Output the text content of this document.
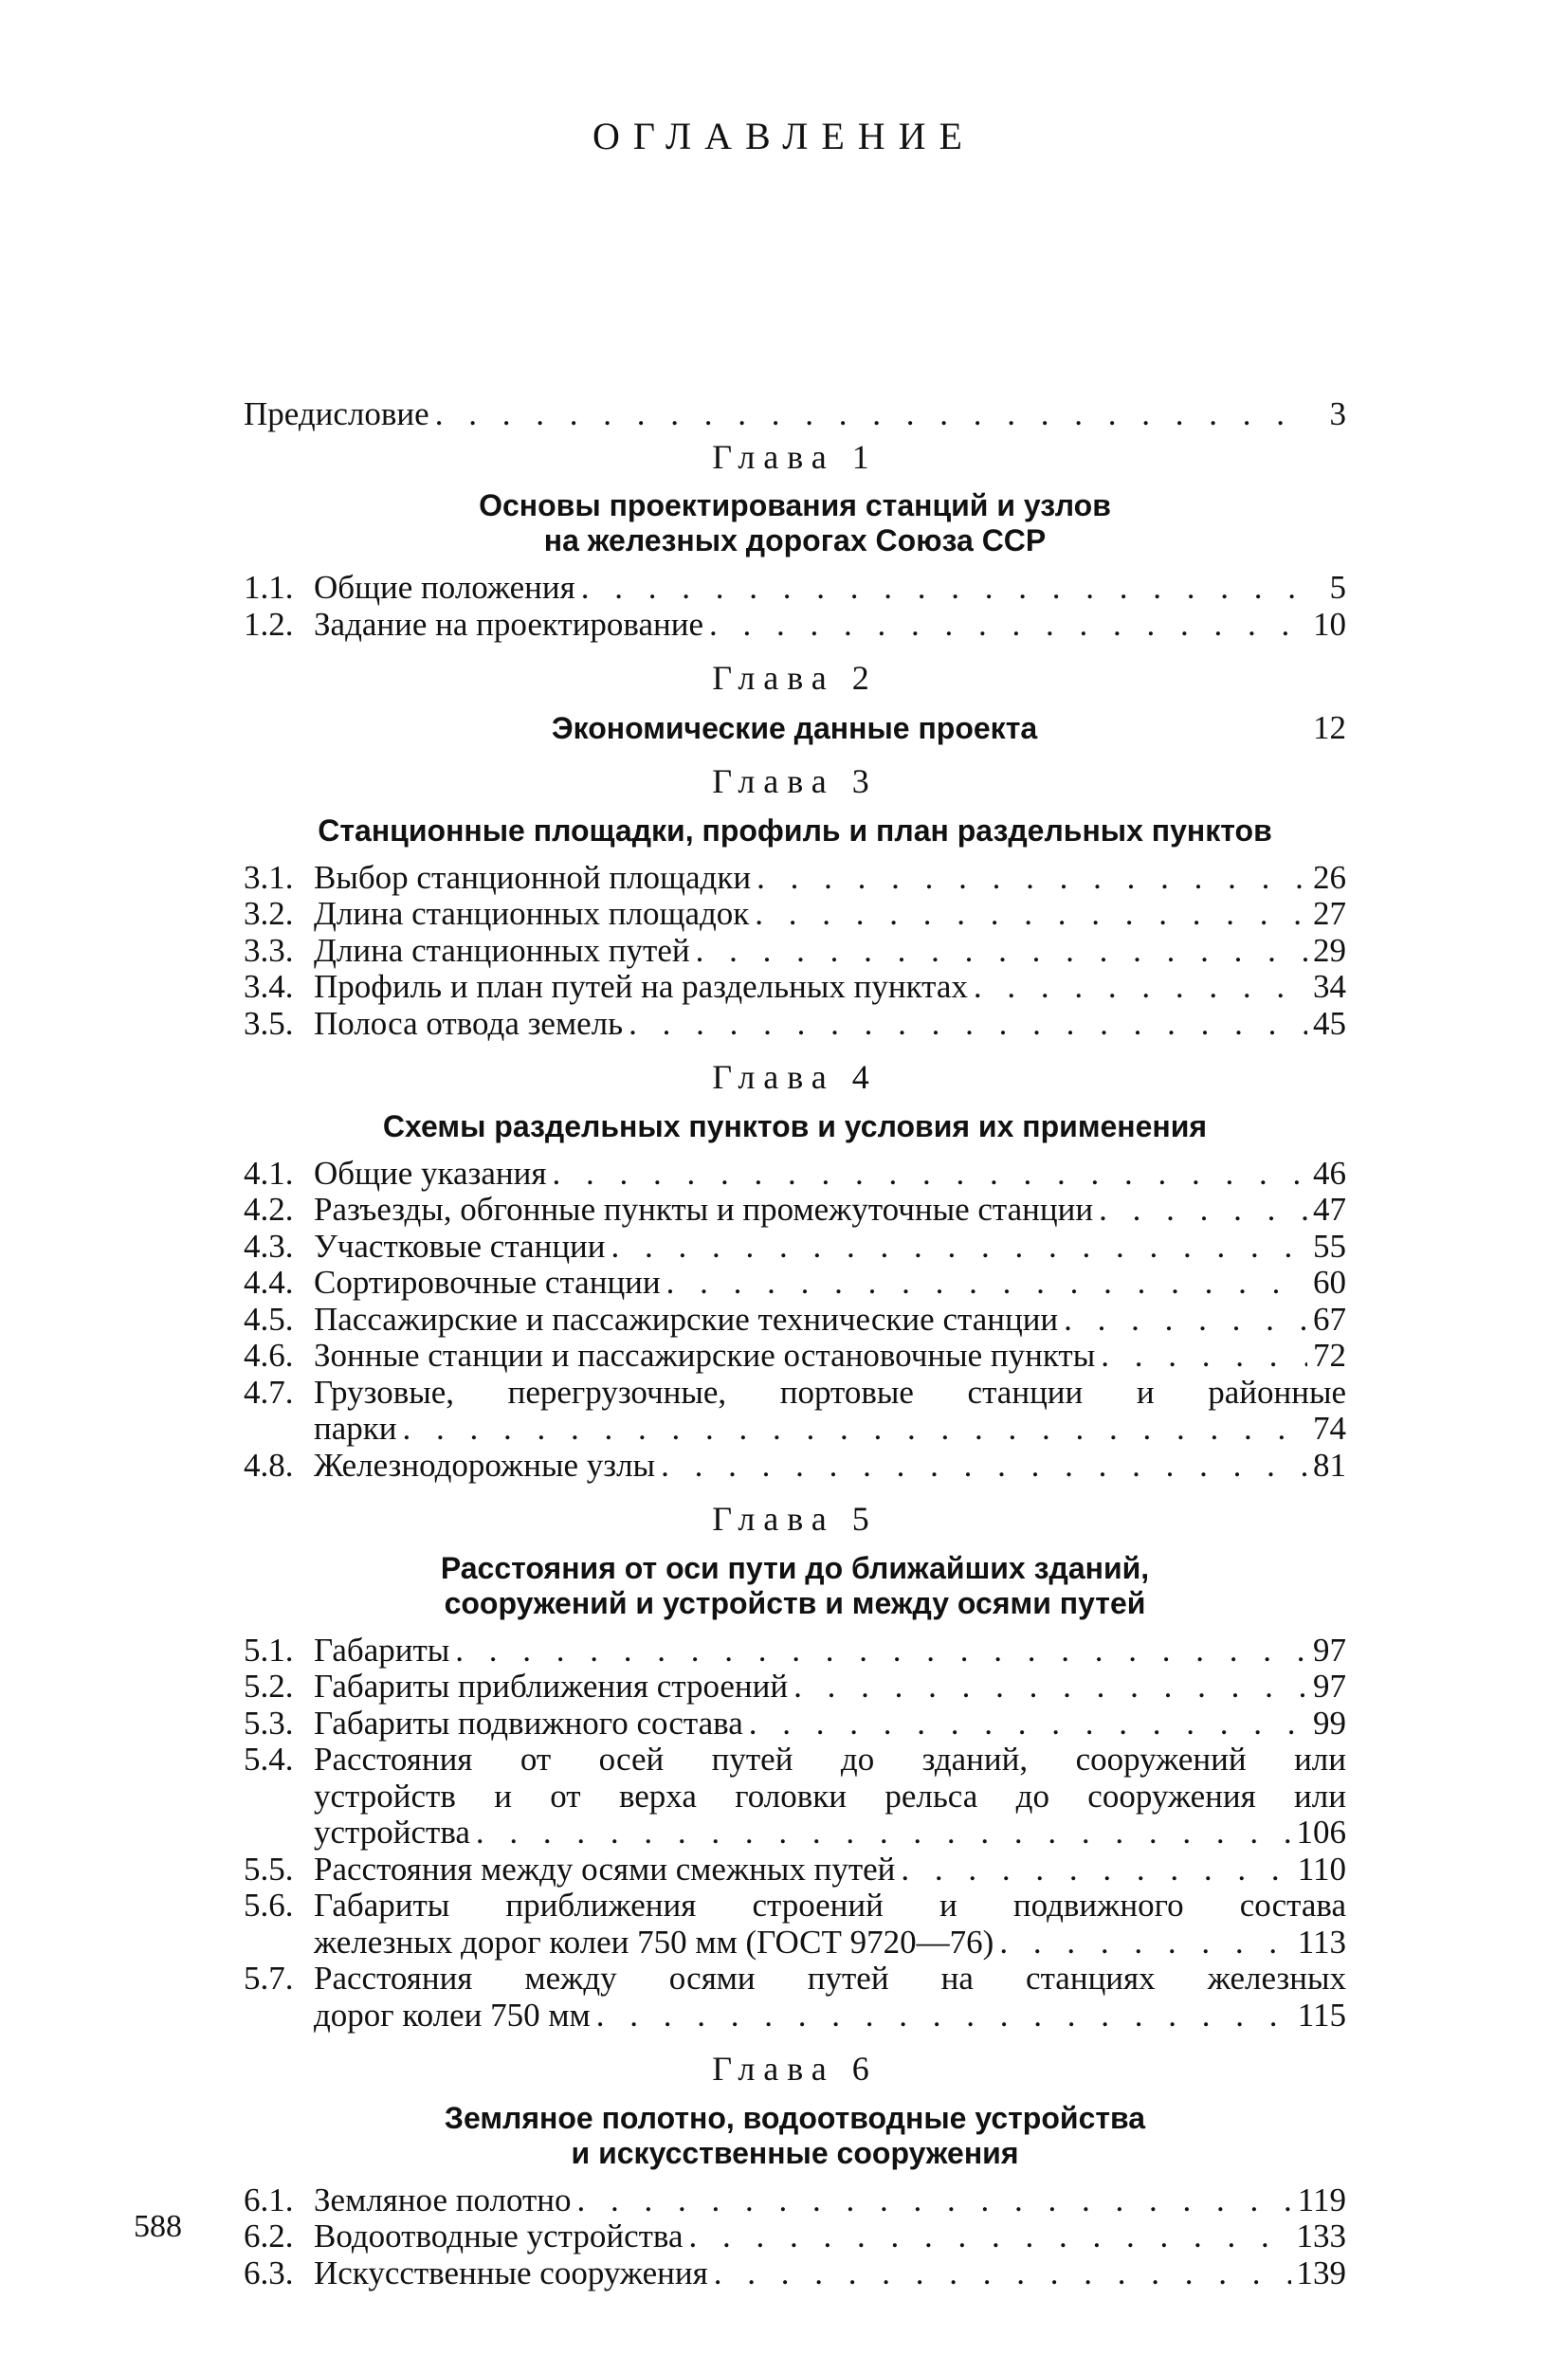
ОГЛАВЛЕНИЕ
Предисловие . . .	3
Глава 1
Основы проектирования станций и узлов
на железных дорогах Союза ССР
1.1. Общие положения . . .	5
1.2. Задание на проектирование . . .	10
Глава 2
Экономические данные проекта	12
Глава 3
Станционные площадки, профиль и план раздельных пунктов
3.1. Выбор станционной площадки . . .	26
3.2. Длина станционных площадок . . .	27
3.3. Длина станционных путей . . .	29
3.4. Профиль и план путей на раздельных пунктах . . .	34
3.5. Полоса отвода земель . . .	45
Глава 4
Схемы раздельных пунктов и условия их применения
4.1. Общие указания . . .	46
4.2. Разъезды, обгонные пункты и промежуточные станции . . .	47
4.3. Участковые станции . . .	55
4.4. Сортировочные станции . . .	60
4.5. Пассажирские и пассажирские технические станции . . .	67
4.6. Зонные станции и пассажирские остановочные пункты . . .	72
4.7. Грузовые, перегрузочные, портовые станции и районные
парки . . .	74
4.8. Железнодорожные узлы . . .	81
Глава 5
Расстояния от оси пути до ближайших зданий,
сооружений и устройств и между осями путей
5.1. Габариты . . .	97
5.2. Габариты приближения строений . . .	97
5.3. Габариты подвижного состава . . .	99
5.4. Расстояния от осей путей до зданий, сооружений или
устройств и от верха головки рельса до сооружения или
устройства . . .	106
5.5. Расстояния между осями смежных путей . . .	110
5.6. Габариты приближения строений и подвижного состава
железных дорог колеи 750 мм (ГОСТ 9720—76) . . .	113
5.7. Расстояния между осями путей на станциях железных
дорог колеи 750 мм . . .	115
Глава 6
Земляное полотно, водоотводные устройства
и искусственные сооружения
6.1. Земляное полотно . . .	119
6.2. Водоотводные устройства . . .	133
6.3. Искусственные сооружения . . .	139
588
